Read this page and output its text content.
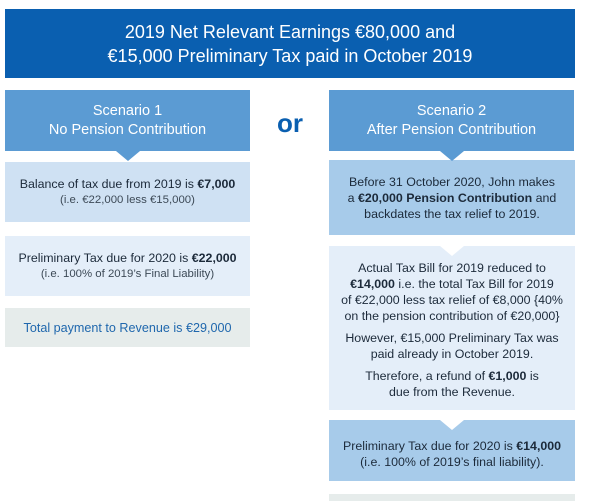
2019 Net Relevant Earnings €80,000 and
€15,000 Preliminary Tax paid in October 2019
Scenario 1
No Pension Contribution	or	Scenario 2
After Pension Contribution

Balance of tax due from 2019 is €7,000

(i.e. €22,000 less €15,000)

Preliminary Tax due for 2020 is €22,000

(i.e. 100% of 2019’s Final Liability)

Total payment to Revenue is €29,000

Before 31 October 2020, John makes

a €20,000 Pension Contribution and

backdates the tax relief to 2019.

Actual Tax Bill for 2019 reduced to

€14,000 i.e. the total Tax Bill for 2019

of €22,000 less tax relief of €8,000 {40%

on the pension contribution of €20,000}

However, €15,000 Preliminary Tax was

paid already in October 2019.

Therefore, a refund of €1,000 is

due from the Revenue.

Preliminary Tax due for 2020 is €14,000

(i.e. 100% of 2019’s final liability).
